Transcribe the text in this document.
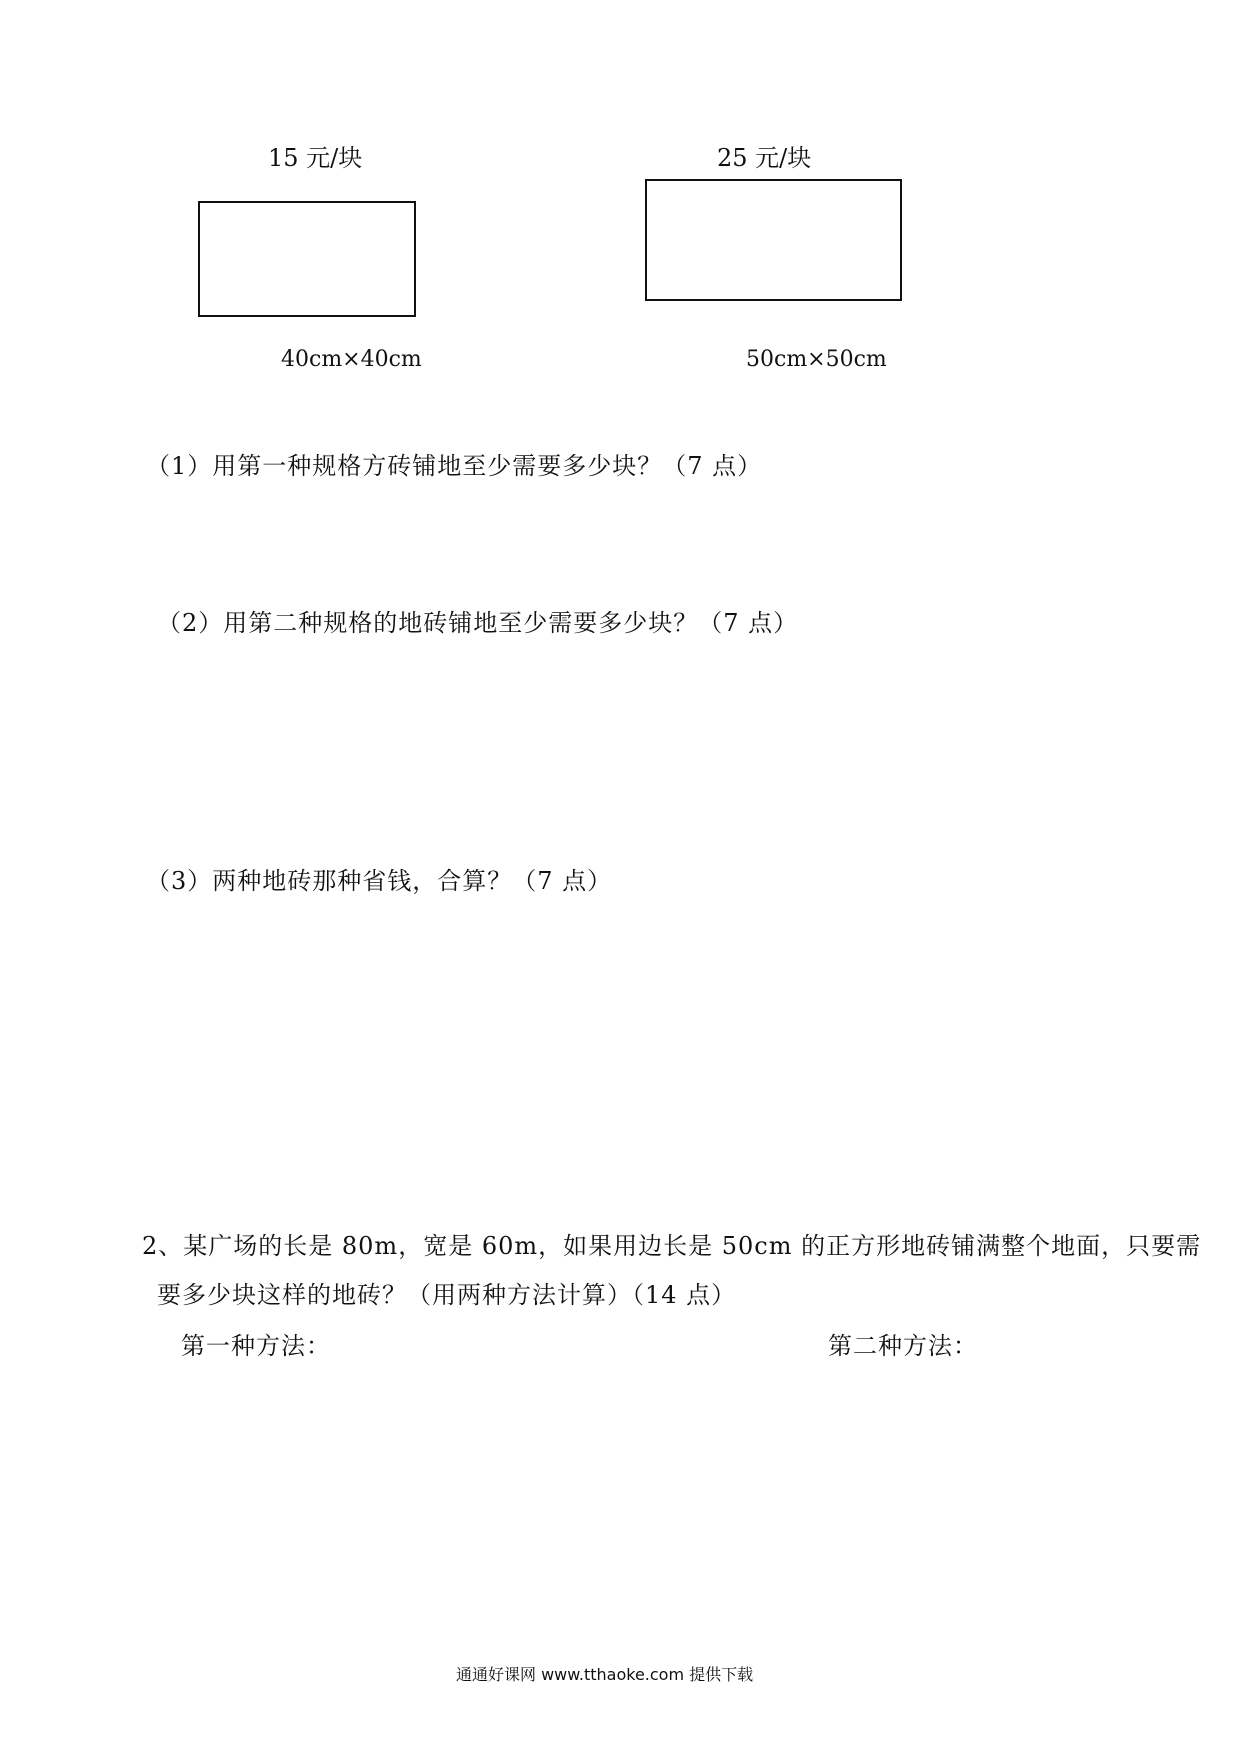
15 元/块
40cm×40cm
25 元/块
50cm×50cm
（1）用第一种规格方砖铺地至少需要多少块？（7 点）
（2）用第二种规格的地砖铺地至少需要多少块？（7 点）
（3）两种地砖那种省钱，合算？（7 点）
2、某广场的长是 80m，宽是 60m，如果用边长是 50cm 的正方形地砖铺满整个地面，只要需
要多少块这样的地砖？（用两种方法计算）（14 点）
第一种方法：	第二种方法：
通通好课网 www.tthaoke.com 提供下载
